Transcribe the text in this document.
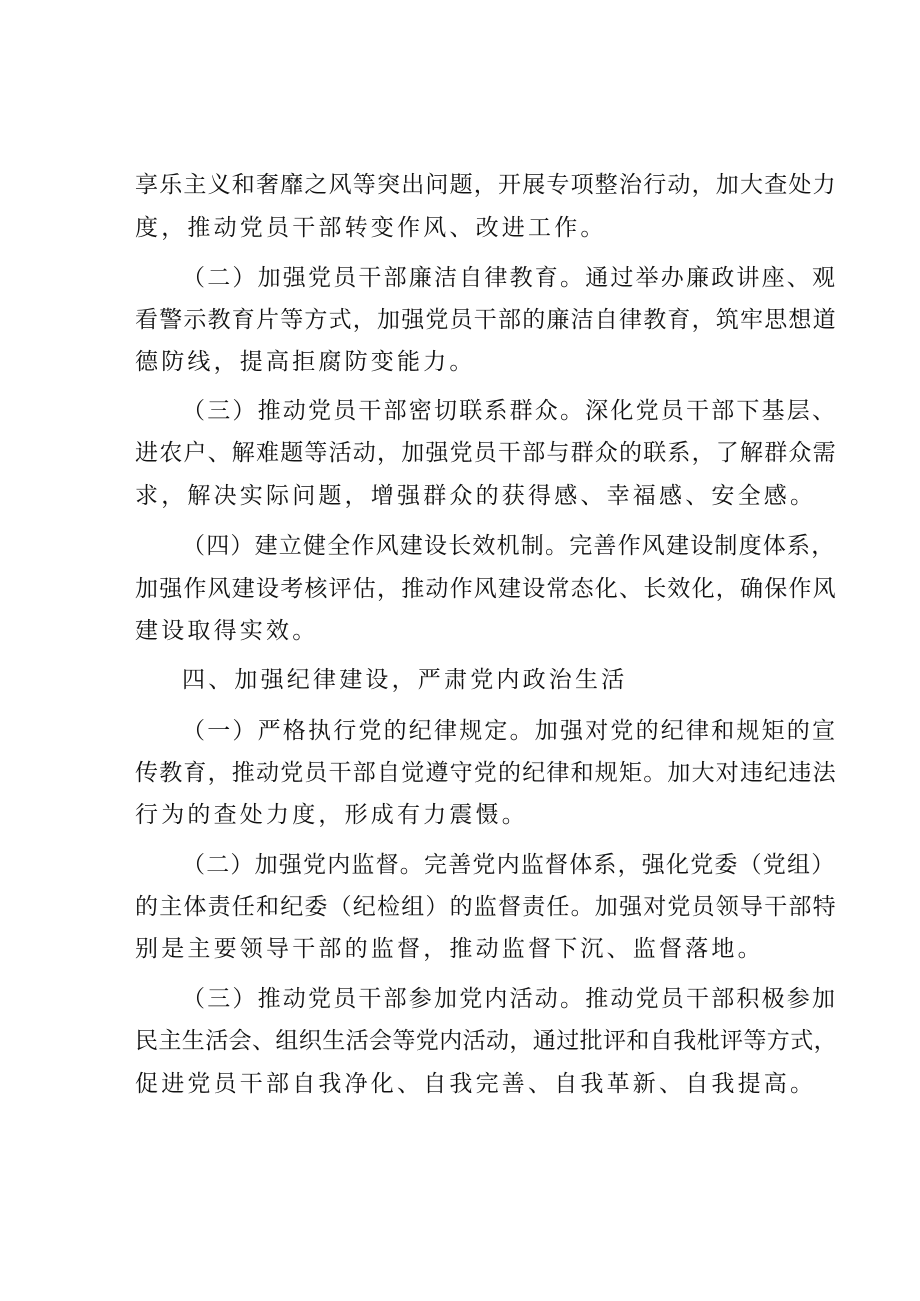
享乐主义和奢靡之风等突出问题，开展专项整治行动，加大查处力
度，推动党员干部转变作风、改进工作。
（二）加强党员干部廉洁自律教育。通过举办廉政讲座、观
看警示教育片等方式，加强党员干部的廉洁自律教育，筑牢思想道
德防线，提高拒腐防变能力。
（三）推动党员干部密切联系群众。深化党员干部下基层、
进农户、解难题等活动，加强党员干部与群众的联系，了解群众需
求，解决实际问题，增强群众的获得感、幸福感、安全感。
（四）建立健全作风建设长效机制。完善作风建设制度体系，
加强作风建设考核评估，推动作风建设常态化、长效化，确保作风
建设取得实效。
四、加强纪律建设，严肃党内政治生活
（一）严格执行党的纪律规定。加强对党的纪律和规矩的宣
传教育，推动党员干部自觉遵守党的纪律和规矩。加大对违纪违法
行为的查处力度，形成有力震慑。
（二）加强党内监督。完善党内监督体系，强化党委（党组）
的主体责任和纪委（纪检组）的监督责任。加强对党员领导干部特
别是主要领导干部的监督，推动监督下沉、监督落地。
（三）推动党员干部参加党内活动。推动党员干部积极参加
民主生活会、组织生活会等党内活动，通过批评和自我枇评等方式，
促进党员干部自我净化、自我完善、自我革新、自我提高。
